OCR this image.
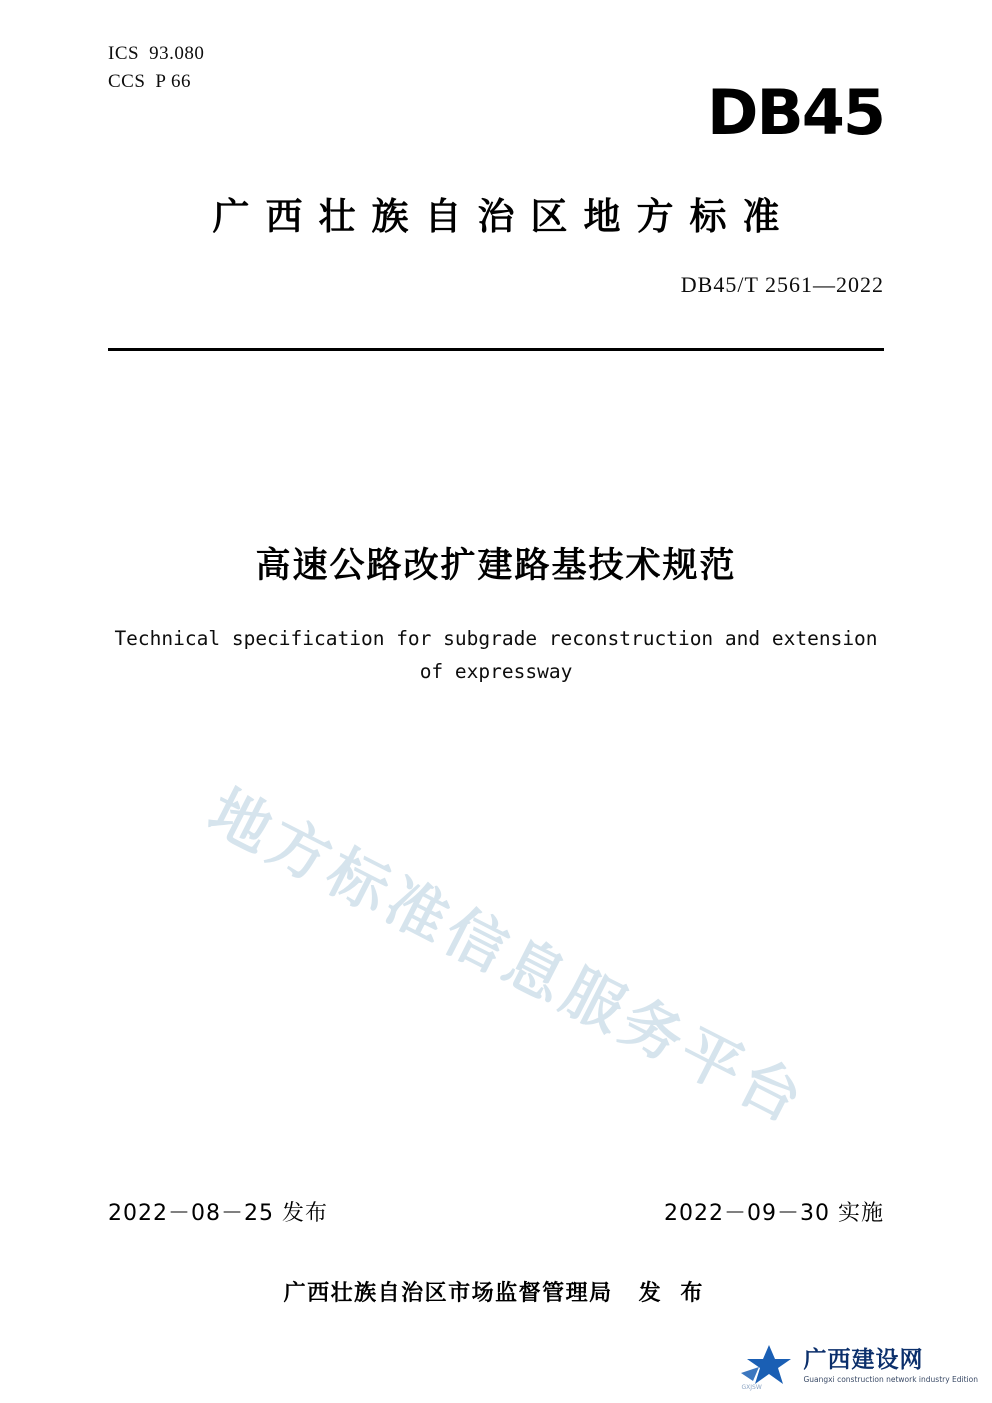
ICS 93.080
CCS P 66	DB45
广西壮族自治区地方标准
DB45/T 2561—2022
高速公路改扩建路基技术规范
Technical specification for subgrade reconstruction and extension
of expressway
地方标准信息服务平台
2022－08－25 发布	2022－09－30 实施
广西壮族自治区市场监督管理局 发 布
GXJSW
广西建设网
Guangxi construction network industry Edition
